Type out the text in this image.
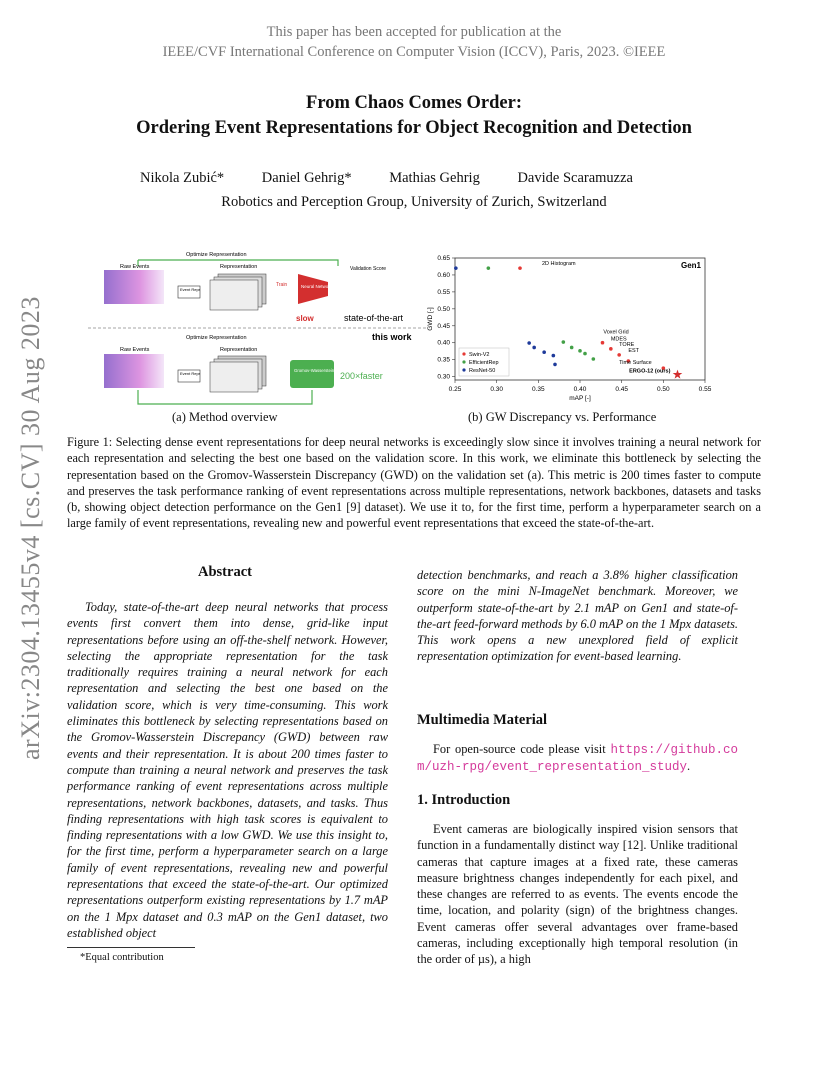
This paper has been accepted for publication at the
IEEE/CVF International Conference on Computer Vision (ICCV), Paris, 2023. ©IEEE
From Chaos Comes Order:
Ordering Event Representations for Object Recognition and Detection
Nikola Zubić*	Daniel Gehrig*	Mathias Gehrig	Davide Scaramuzza
Robotics and Perception Group, University of Zurich, Switzerland
arXiv:2304.13455v4 [cs.CV] 30 Aug 2023
Optimize Representation
Raw Events	Representation
Event Repr
Train	Neural Network
Validation Score
slow	state-of-the-art
this work
Optimize Representation
Raw Events	Representation
Event Repr
Gromov-Wasserstein Discrepancy
200×faster
(a) Method overview
0.25	0.30	0.35	0.40	0.45	0.50	0.55
0.30
0.35
0.40
0.45
0.50
0.55
0.60
0.65
mAP [-]
GWD [-]
Gen1
2D Histogram
Voxel Grid
MDES
TORE
EST
Time Surface
ERGO-12 (ours)
Swin-V2
EfficientRep
ResNet-50
(b) GW Discrepancy vs. Performance
Figure 1: Selecting dense event representations for deep neural networks is exceedingly slow since it involves training a neural network for each representation and selecting the best one based on the validation score. In this work, we eliminate this bottleneck by selecting the representation based on the Gromov-Wasserstein Discrepancy (GWD) on the validation set (a). This metric is 200 times faster to compute and preserves the task performance ranking of event representations across multiple representations, network backbones, datasets and tasks (b, showing object detection performance on the Gen1 [9] dataset). We use it to, for the first time, perform a hyperparameter search on a large family of event representations, revealing new and powerful event representations that exceed the state-of-the-art.
Abstract
Today, state-of-the-art deep neural networks that process events first convert them into dense, grid-like input representations before using an off-the-shelf network. However, selecting the appropriate representation for the task traditionally requires training a neural network for each representation and selecting the best one based on the validation score, which is very time-consuming. This work eliminates this bottleneck by selecting representations based on the Gromov-Wasserstein Discrepancy (GWD) between raw events and their representation. It is about 200 times faster to compute than training a neural network and preserves the task performance ranking of event representations across multiple representations, network backbones, datasets, and tasks. Thus finding representations with high task scores is equivalent to finding representations with a low GWD. We use this insight to, for the first time, perform a hyperparameter search on a large family of event representations, revealing new and powerful representations that exceed the state-of-the-art. Our optimized representations outperform existing representations by 1.7 mAP on the 1 Mpx dataset and 0.3 mAP on the Gen1 dataset, two established object
*Equal contribution
detection benchmarks, and reach a 3.8% higher classification score on the mini N-ImageNet benchmark. Moreover, we outperform state-of-the-art by 2.1 mAP on Gen1 and state-of-the-art feed-forward methods by 6.0 mAP on the 1 Mpx datasets. This work opens a new unexplored field of explicit representation optimization for event-based learning.
Multimedia Material
For open-source code please visit https://github.com/uzh-rpg/event_representation_study.
1. Introduction
Event cameras are biologically inspired vision sensors that function in a fundamentally distinct way [12]. Unlike traditional cameras that capture images at a fixed rate, these cameras measure brightness changes independently for each pixel, and these changes are referred to as events. The events encode the time, location, and polarity (sign) of the brightness changes. Event cameras offer several advantages over frame-based cameras, including exceptionally high temporal resolution (in the order of µs), a high
